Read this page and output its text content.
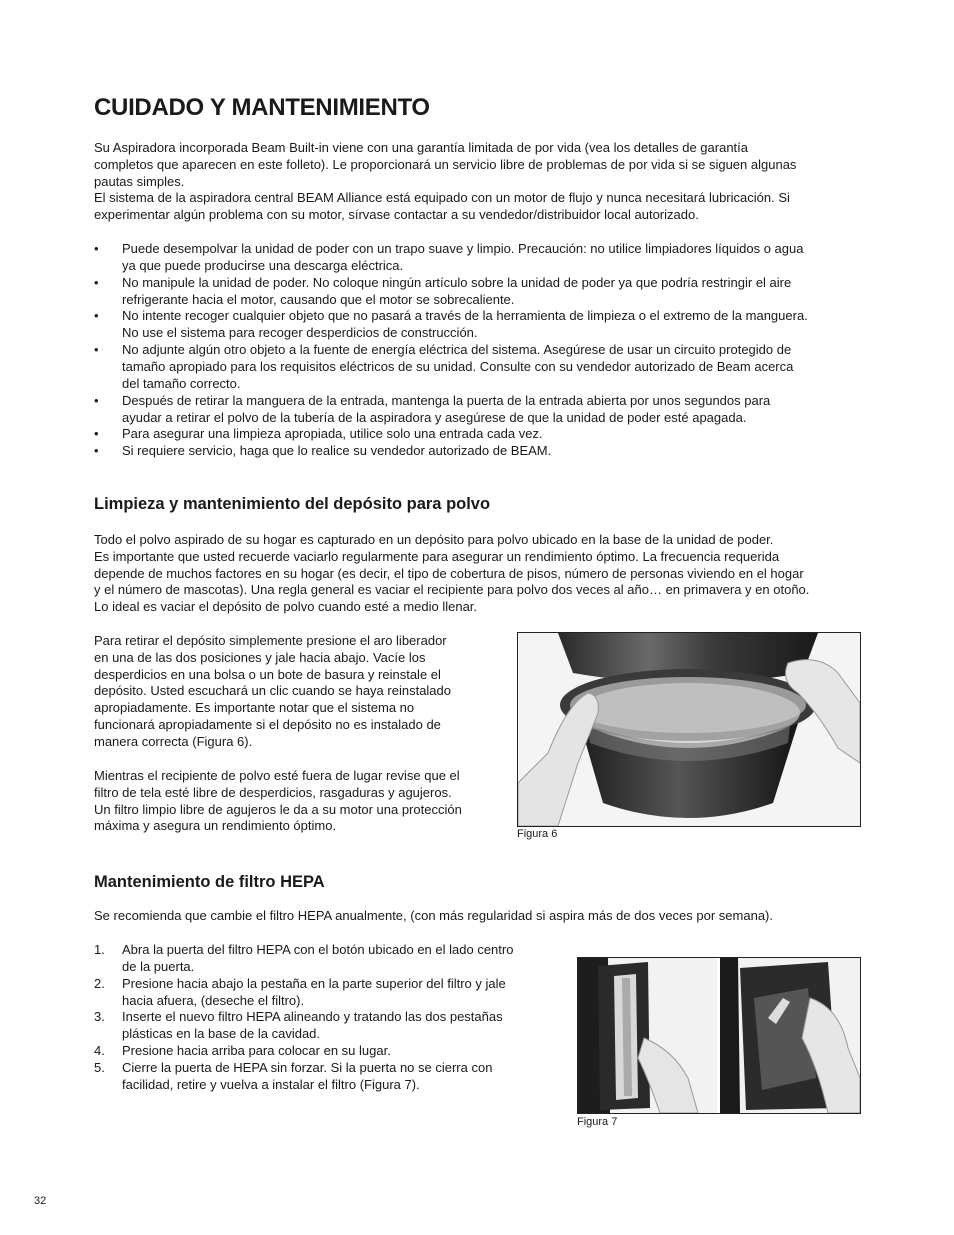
CUIDADO Y MANTENIMIENTO
Su Aspiradora incorporada Beam Built-in viene con una garantía limitada de por vida (vea los detalles de garantía
completos que aparecen en este folleto). Le proporcionará un servicio libre de problemas de por vida si se siguen algunas
pautas simples.
El sistema de la aspiradora central BEAM Alliance está equipado con un motor de flujo y nunca necesitará lubricación. Si
experimentar algún problema con su motor, sírvase contactar a su vendedor/distribuidor local autorizado.
• Puede desempolvar la unidad de poder con un trapo suave y limpio. Precaución: no utilice limpiadores líquidos o agua
ya que puede producirse una descarga eléctrica.
• No manipule la unidad de poder. No coloque ningún artículo sobre la unidad de poder ya que podría restringir el aire
refrigerante hacia el motor, causando que el motor se sobrecaliente.
• No intente recoger cualquier objeto que no pasará a través de la herramienta de limpieza o el extremo de la manguera.
No use el sistema para recoger desperdicios de construcción.
• No adjunte algún otro objeto a la fuente de energía eléctrica del sistema. Asegúrese de usar un circuito protegido de
tamaño apropiado para los requisitos eléctricos de su unidad. Consulte con su vendedor autorizado de Beam acerca
del tamaño correcto.
• Después de retirar la manguera de la entrada, mantenga la puerta de la entrada abierta por unos segundos para
ayudar a retirar el polvo de la tubería de la aspiradora y asegúrese de que la unidad de poder esté apagada.
• Para asegurar una limpieza apropiada, utilice solo una entrada cada vez.
• Si requiere servicio, haga que lo realice su vendedor autorizado de BEAM.
Limpieza y mantenimiento del depósito para polvo
Todo el polvo aspirado de su hogar es capturado en un depósito para polvo ubicado en la base de la unidad de poder.
Es importante que usted recuerde vaciarlo regularmente para asegurar un rendimiento óptimo. La frecuencia requerida
depende de muchos factores en su hogar (es decir, el tipo de cobertura de pisos, número de personas viviendo en el hogar
y el número de mascotas). Una regla general es vaciar el recipiente para polvo dos veces al año… en primavera y en otoño.
Lo ideal es vaciar el depósito de polvo cuando esté a medio llenar.
Para retirar el depósito simplemente presione el aro liberador
en una de las dos posiciones y jale hacia abajo. Vacíe los
desperdicios en una bolsa o un bote de basura y reinstale el
depósito. Usted escuchará un clic cuando se haya reinstalado
apropiadamente. Es importante notar que el sistema no
funcionará apropiadamente si el depósito no es instalado de
manera correcta (Figura 6).
Mientras el recipiente de polvo esté fuera de lugar revise que el
filtro de tela esté libre de desperdicios, rasgaduras y agujeros.
Un filtro limpio libre de agujeros le da a su motor una protección
máxima y asegura un rendimiento óptimo.
Figura 6
Mantenimiento de filtro HEPA
Se recomienda que cambie el filtro HEPA anualmente, (con más regularidad si aspira más de dos veces por semana).
1. Abra la puerta del filtro HEPA con el botón ubicado en el lado centro
de la puerta.
2. Presione hacia abajo la pestaña en la parte superior del filtro y jale
hacia afuera, (deseche el filtro).
3. Inserte el nuevo filtro HEPA alineando y tratando las dos pestañas
plásticas en la base de la cavidad.
4. Presione hacia arriba para colocar en su lugar.
5. Cierre la puerta de HEPA sin forzar. Si la puerta no se cierra con
facilidad, retire y vuelva a instalar el filtro (Figura 7).
Figura 7
32
